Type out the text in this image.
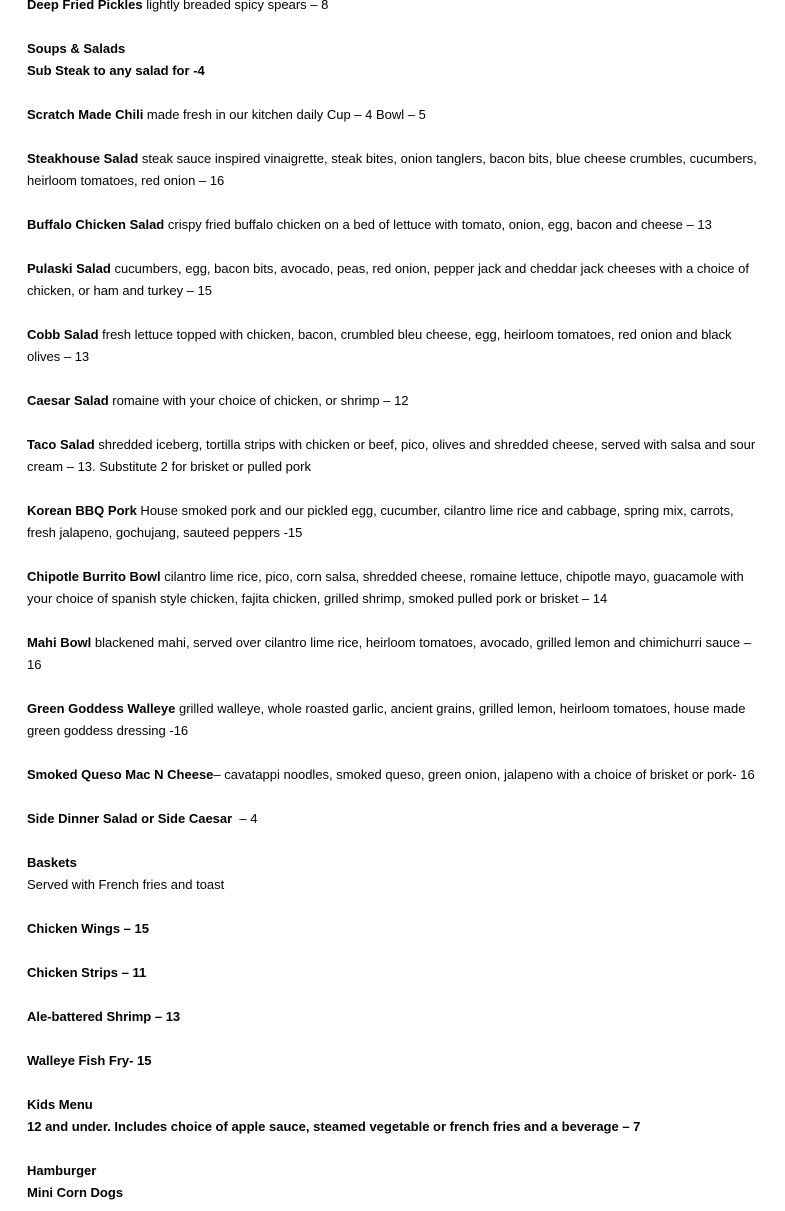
Deep Fried Pickles lightly breaded spicy spears – 8

Soups & Salads

Sub Steak to any salad for -4

Scratch Made Chili made fresh in our kitchen daily Cup – 4 Bowl – 5

Steakhouse Salad steak sauce inspired vinaigrette, steak bites, onion tanglers, bacon bits, blue cheese crumbles, cucumbers, heirloom tomatoes, red onion – 16

Buffalo Chicken Salad crispy fried buffalo chicken on a bed of lettuce with tomato, onion, egg, bacon and cheese – 13

Pulaski Salad cucumbers, egg, bacon bits, avocado, peas, red onion, pepper jack and cheddar jack cheeses with a choice of chicken, or ham and turkey – 15

Cobb Salad fresh lettuce topped with chicken, bacon, crumbled bleu cheese, egg, heirloom tomatoes, red onion and black olives – 13

Caesar Salad romaine with your choice of chicken, or shrimp – 12

Taco Salad shredded iceberg, tortilla strips with chicken or beef, pico, olives and shredded cheese, served with salsa and sour cream – 13. Substitute 2 for brisket or pulled pork

Korean BBQ Pork House smoked pork and our pickled egg, cucumber, cilantro lime rice and cabbage, spring mix, carrots, fresh jalapeno, gochujang, sauteed peppers -15

Chipotle Burrito Bowl cilantro lime rice, pico, corn salsa, shredded cheese, romaine lettuce, chipotle mayo, guacamole with your choice of spanish style chicken, fajita chicken, grilled shrimp, smoked pulled pork or brisket – 14

Mahi Bowl blackened mahi, served over cilantro lime rice, heirloom tomatoes, avocado, grilled lemon and chimichurri sauce – 16

Green Goddess Walleye grilled walleye, whole roasted garlic, ancient grains, grilled lemon, heirloom tomatoes, house made green goddess dressing -16

Smoked Queso Mac N Cheese– cavatappi noodles, smoked queso, green onion, jalapeno with a choice of brisket or pork- 16

Side Dinner Salad or Side Caesar  – 4

Baskets

Served with French fries and toast

Chicken Wings – 15

Chicken Strips – 11

Ale-battered Shrimp – 13

Walleye Fish Fry- 15

Kids Menu

12 and under. Includes choice of apple sauce, steamed vegetable or french fries and a beverage – 7

Hamburger

Mini Corn Dogs
